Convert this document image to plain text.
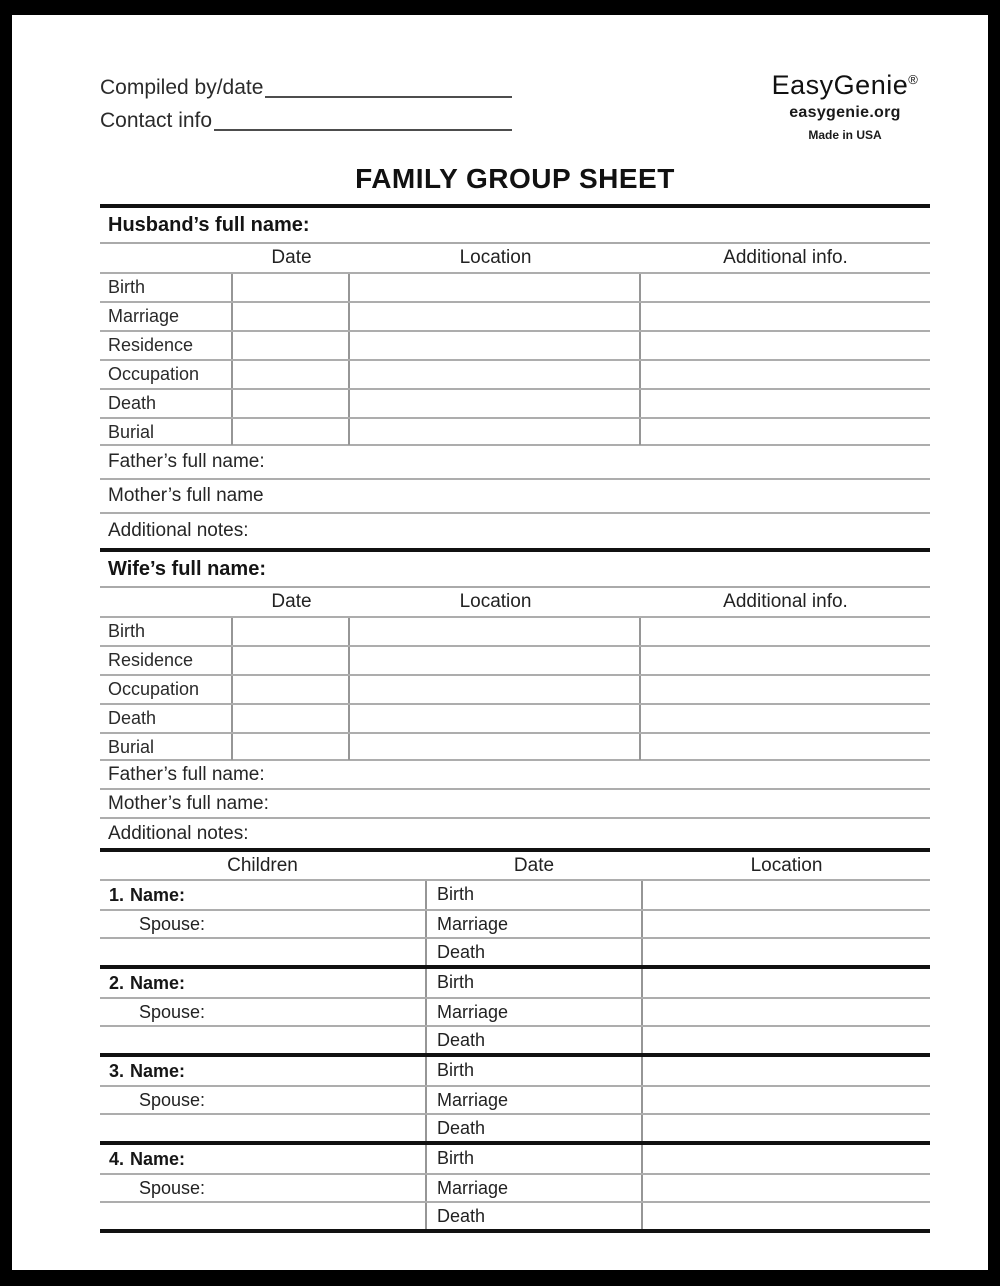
Compiled by/date
Contact info
EasyGenie®
easygenie.org
Made in USA
FAMILY GROUP SHEET
Husband’s full name:
Date	Location	Additional info.
Birth
Marriage
Residence
Occupation
Death
Burial
Father’s full name:
Mother’s full name
Additional notes:
Wife’s full name:
Date	Location	Additional info.
Birth
Residence
Occupation
Death
Burial
Father’s full name:
Mother’s full name:
Additional notes:
Children	Date	Location
1. Name:	Birth
Spouse:	Marriage
Death
2. Name:	Birth
Spouse:	Marriage
Death
3. Name:	Birth
Spouse:	Marriage
Death
4. Name:	Birth
Spouse:	Marriage
Death
